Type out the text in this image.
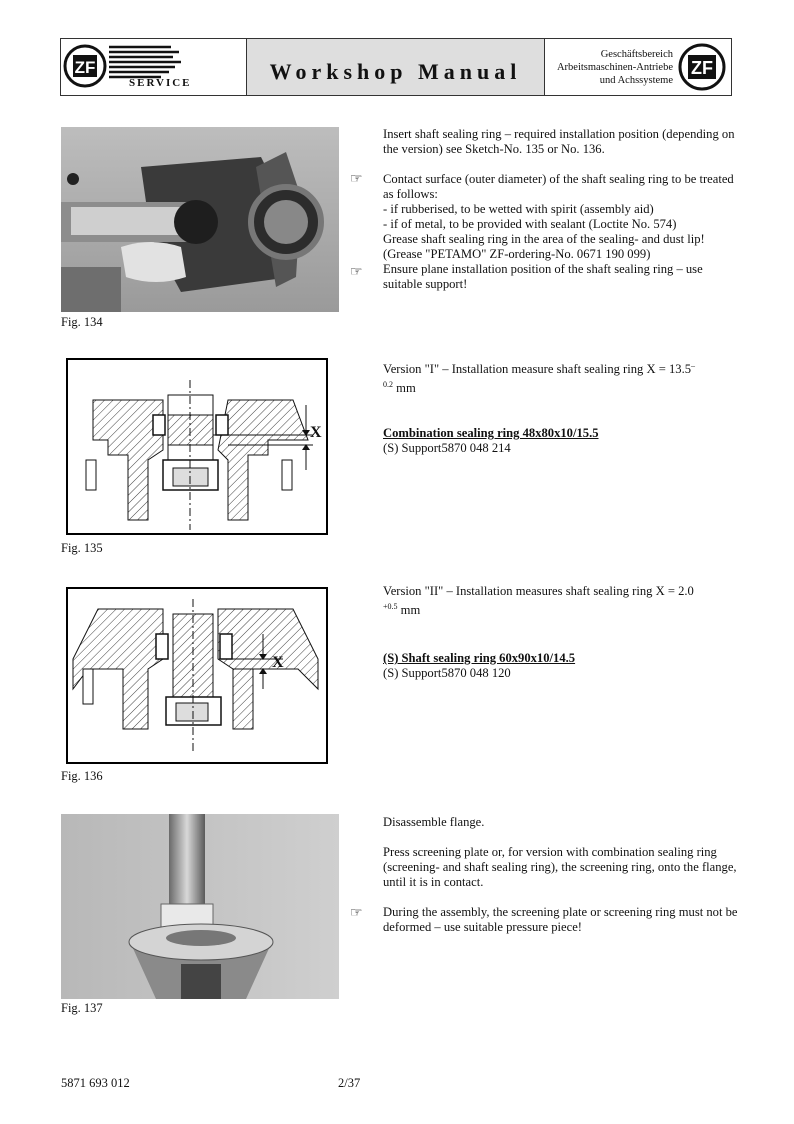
ZF
SERVICE	Workshop Manual
Geschäftsbereich
Arbeitsmaschinen-Antriebe
und Achssysteme
ZF
Fig. 134

Insert shaft sealing ring – required installation position (depending on the version) see Sketch-No. 135 or No. 136.

Contact surface (outer diameter) of the shaft sealing ring to be treated as follows:

- if rubberised, to be wetted with spirit (assembly aid)

- if of metal, to be provided with sealant (Loctite No. 574)

Grease shaft sealing ring in the area of the sealing- and dust lip!

(Grease "PETAMO" ZF-ordering-No. 0671 190 099)

Ensure plane installation position of the shaft sealing ring – use suitable support!

☞
☞
X
Fig. 135

Version "I" – Installation measure shaft sealing ring X = 13.5–

$^{0.2}$ mm

Combination sealing ring 48x80x10/15.5

(S) Support5870 048 214

X
Fig. 136

Version "II" – Installation measures shaft sealing ring X = 2.0

$^{+0.5}$ mm

(S) Shaft sealing ring 60x90x10/14.5

(S) Support5870 048 120

Fig. 137

Disassemble flange.

Press screening plate or, for version with combination sealing ring (screening- and shaft sealing ring), the screening ring, onto the flange, until it is in contact.

During the assembly, the screening plate or screening ring must not be deformed – use suitable pressure piece!

☞
5871 693 012	2/37
